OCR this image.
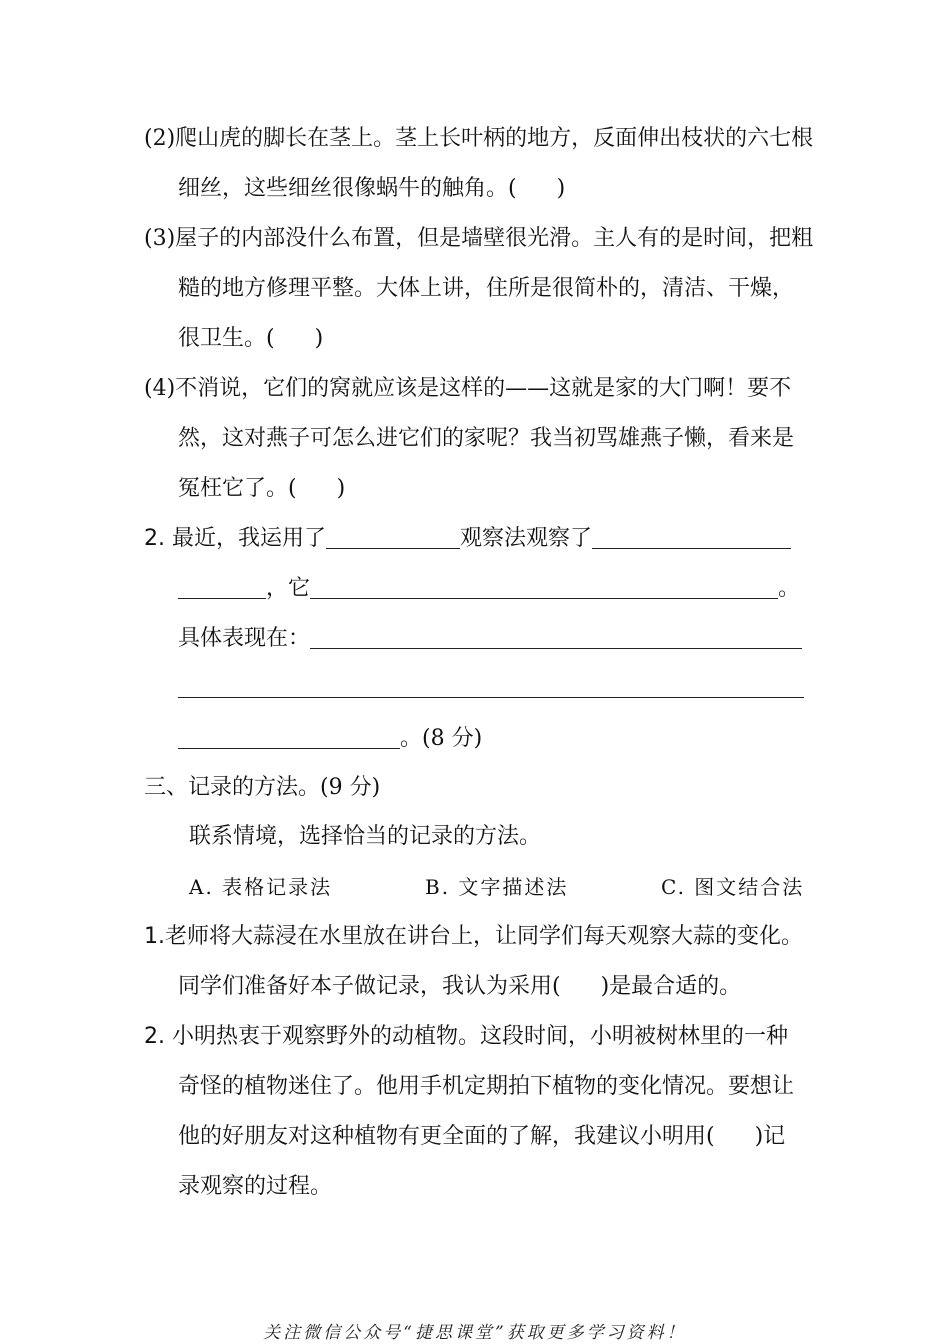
(2)爬山虎的脚长在茎上。茎上长叶柄的地方，反面伸出枝状的六七根
细丝，这些细丝很像蜗牛的触角。( )
(3)屋子的内部没什么布置，但是墙壁很光滑。主人有的是时间，把粗
糙的地方修理平整。大体上讲，住所是很简朴的，清洁、干燥，
很卫生。( )
(4)不消说，它们的窝就应该是这样的——这就是家的大门啊！要不
然，这对燕子可怎么进它们的家呢？我当初骂雄燕子懒，看来是
冤枉它了。( )
2. 最近，我运用了	观察法观察了
，它	。
具体表现在：
。(8 分)
三、记录的方法。(9 分)
联系情境，选择恰当的记录的方法。
A. 表格记录法	B. 文字描述法	C. 图文结合法
1.老师将大蒜浸在水里放在讲台上，让同学们每天观察大蒜的变化。
同学们准备好本子做记录，我认为采用( )是最合适的。
2. 小明热衷于观察野外的动植物。这段时间，小明被树林里的一种
奇怪的植物迷住了。他用手机定期拍下植物的变化情况。要想让
他的好朋友对这种植物有更全面的了解，我建议小明用( )记
录观察的过程。
关注微信公众号“捷思课堂”获取更多学习资料！
